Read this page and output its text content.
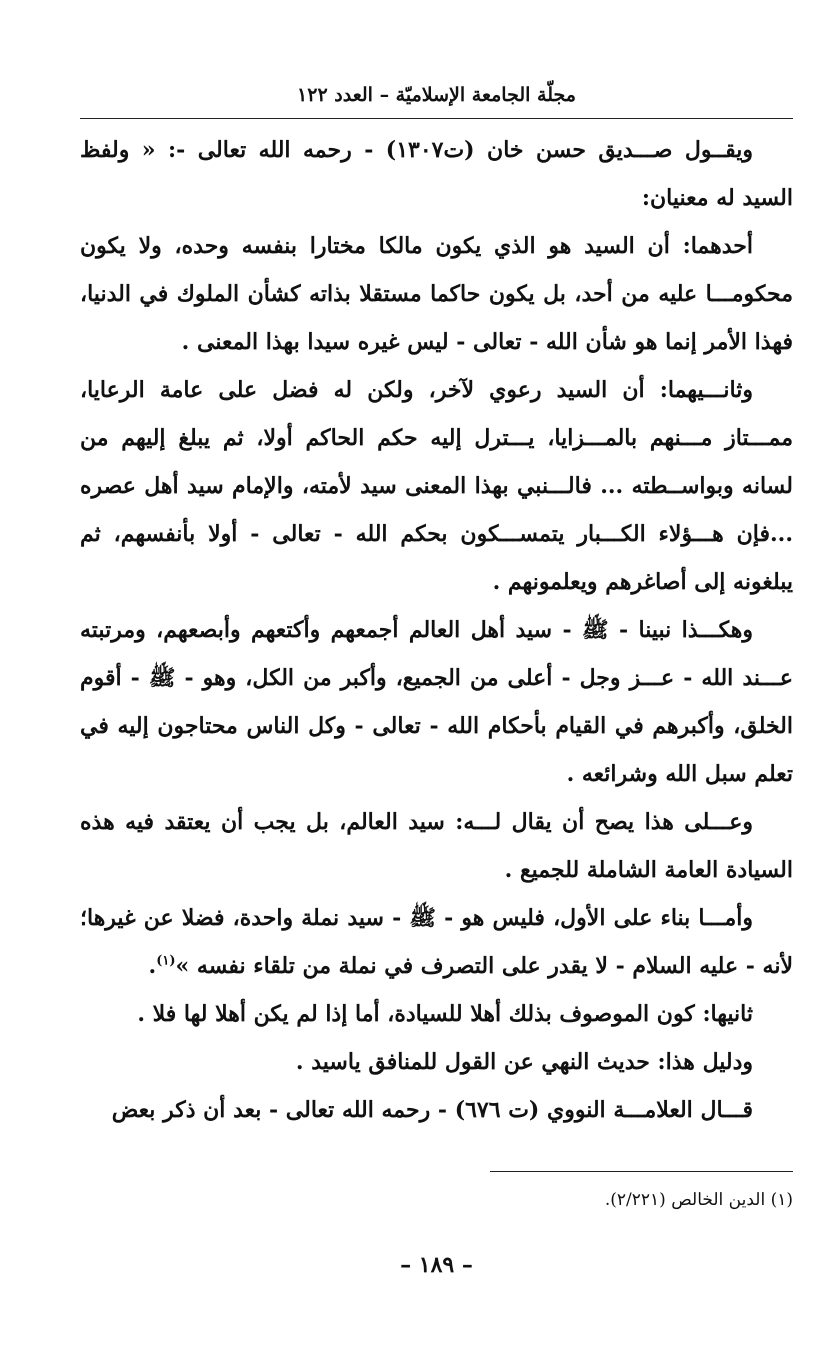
مجلّة الجامعة الإسلاميّة – العدد ١٢٢

ويقــول صـــديق حسن خان (ت١٣٠٧) - رحمه الله تعالى -: « ولفظ السيد له معنيان:

أحدهما: أن السيد هو الذي يكون مالكا مختارا بنفسه وحده، ولا يكون محكومـــا عليه من أحد، بل يكون حاكما مستقلا بذاته كشأن الملوك في الدنيا، فهذا الأمر إنما هو شأن الله - تعالى - ليس غيره سيدا بهذا المعنى .

وثانـــيهما: أن السيد رعوي لآخر، ولكن له فضل على عامة الرعايا، ممـــتاز مـــنهم بالمـــزايا، يـــترل إليه حكم الحاكم أولا، ثم يبلغ إليهم من لسانه وبواســطته ... فالـــنبي بهذا المعنى سيد لأمته، والإمام سيد أهل عصره ...فإن هـــؤلاء الكـــبار يتمســـكون بحكم الله - تعالى - أولا بأنفسهم، ثم يبلغونه إلى أصاغرهم ويعلمونهم .

وهكـــذا نبينا - ﷺ - سيد أهل العالم أجمعهم وأكتعهم وأبصعهم، ومرتبته عـــند الله - عـــز وجل - أعلى من الجميع، وأكبر من الكل، وهو - ﷺ - أقوم الخلق، وأكبرهم في القيام بأحكام الله - تعالى - وكل الناس محتاجون إليه في تعلم سبل الله وشرائعه .

وعـــلى هذا يصح أن يقال لـــه: سيد العالم، بل يجب أن يعتقد فيه هذه السيادة العامة الشاملة للجميع .

وأمـــا بناء على الأول، فليس هو - ﷺ - سيد نملة واحدة، فضلا عن غيرها؛ لأنه - عليه السلام - لا يقدر على التصرف في نملة من تلقاء نفسه »$^{(١)}$.

ثانيها: كون الموصوف بذلك أهلا للسيادة، أما إذا لم يكن أهلا لها فلا .

ودليل هذا: حديث النهي عن القول للمنافق ياسيد .

قـــال العلامـــة النووي (ت ٦٧٦) - رحمه الله تعالى - بعد أن ذكر بعض

(١) الدين الخالص (٢/٢٢١).
– ١٨٩ –
